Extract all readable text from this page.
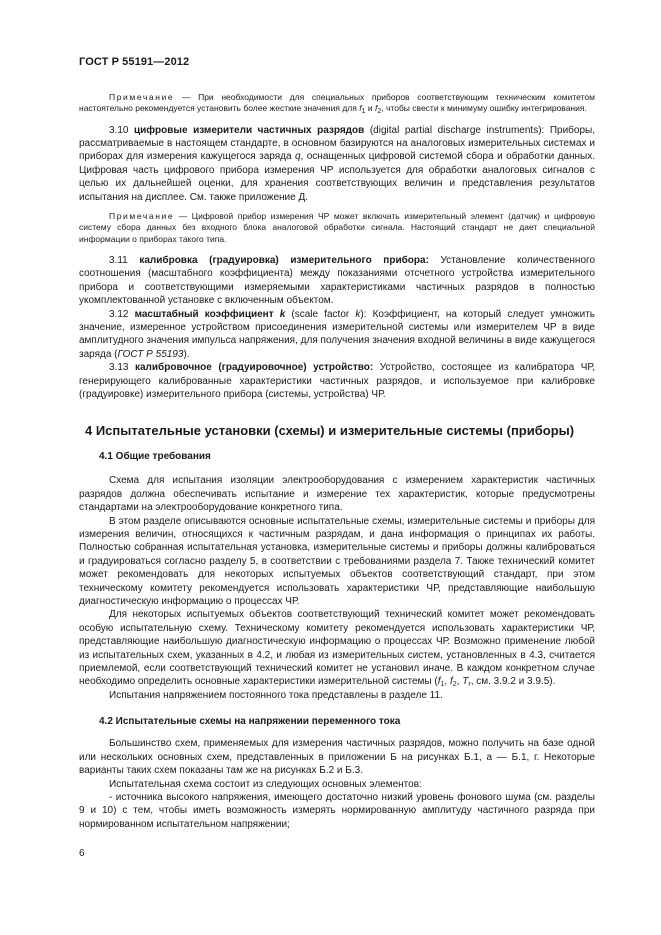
ГОСТ Р 55191—2012

Примечание — При необходимости для специальных приборов соответствующим техническим комитетом настоятельно рекомендуется установить более жесткие значения для $f_1$ и $f_2$, чтобы свести к минимуму ошибку интегрирования.

3.10 цифровые измерители частичных разрядов (digital partial discharge instruments): Приборы, рассматриваемые в настоящем стандарте, в основном базируются на аналоговых измерительных системах и приборах для измерения кажущегося заряда q, оснащенных цифровой системой сбора и обработки данных. Цифровая часть цифрового прибора измерения ЧР используется для обработки аналоговых сигналов с целью их дальнейшей оценки, для хранения соответствующих величин и представления результатов испытания на дисплее. См. также приложение Д.

Примечание — Цифровой прибор измерения ЧР может включать измерительный элемент (датчик) и цифровую систему сбора данных без входного блока аналоговой обработки сигнала. Настоящий стандарт не дает специальной информации о приборах такого типа.

3.11 калибровка (градуировка) измерительного прибора: Установление количественного соотношения (масштабного коэффициента) между показаниями отсчетного устройства измерительного прибора и соответствующими измеряемыми характеристиками частичных разрядов в полностью укомплектованной установке с включенным объектом.

3.12 масштабный коэффициент k (scale factor k): Коэффициент, на который следует умножить значение, измеренное устройством присоединения измерительной системы или измерителем ЧР в виде амплитудного значения импульса напряжения, для получения значения входной величины в виде кажущегося заряда (ГОСТ Р 55193).

3.13 калибровочное (градуировочное) устройство: Устройство, состоящее из калибратора ЧР, генерирующего калиброванные характеристики частичных разрядов, и используемое при калибровке (градуировке) измерительного прибора (системы, устройства) ЧР.

4 Испытательные установки (схемы) и измерительные системы (приборы)
4.1 Общие требования

Схема для испытания изоляции электрооборудования с измерением характеристик частичных разрядов должна обеспечивать испытание и измерение тех характеристик, которые предусмотрены стандартами на электрооборудование конкретного типа.

В этом разделе описываются основные испытательные схемы, измерительные системы и приборы для измерения величин, относящихся к частичным разрядам, и дана информация о принципах их работы. Полностью собранная испытательная установка, измерительные системы и приборы должны калиброваться и градуироваться согласно разделу 5, в соответствии с требованиями раздела 7. Также технический комитет может рекомендовать для некоторых испытуемых объектов соответствующий стандарт, при этом техническому комитету рекомендуется использовать характеристики ЧР, представляющие наибольшую диагностическую информацию о процессах ЧР.

Для некоторых испытуемых объектов соответствующий технический комитет может рекомендовать особую испытательную схему. Техническому комитету рекомендуется использовать характеристики ЧР, представляющие наибольшую диагностическую информацию о процессах ЧР. Возможно применение любой из испытательных схем, указанных в 4.2, и любая из измерительных систем, установленных в 4.3, считается приемлемой, если соответствующий технический комитет не установил иначе. В каждом конкретном случае необходимо определить основные характеристики измерительной системы ($f_1$, $f_2$, $T_r$, см. 3.9.2 и 3.9.5).

Испытания напряжением постоянного тока представлены в разделе 11.

4.2 Испытательные схемы на напряжении переменного тока

Большинство схем, применяемых для измерения частичных разрядов, можно получить на базе одной или нескольких основных схем, представленных в приложении Б на рисунках Б.1, а — Б.1, г. Некоторые варианты таких схем показаны там же на рисунках Б.2 и Б.3.

Испытательная схема состоит из следующих основных элементов:

- источника высокого напряжения, имеющего достаточно низкий уровень фонового шума (см. разделы 9 и 10) с тем, чтобы иметь возможность измерять нормированную амплитуду частичного разряда при нормированном испытательном напряжении;

6
